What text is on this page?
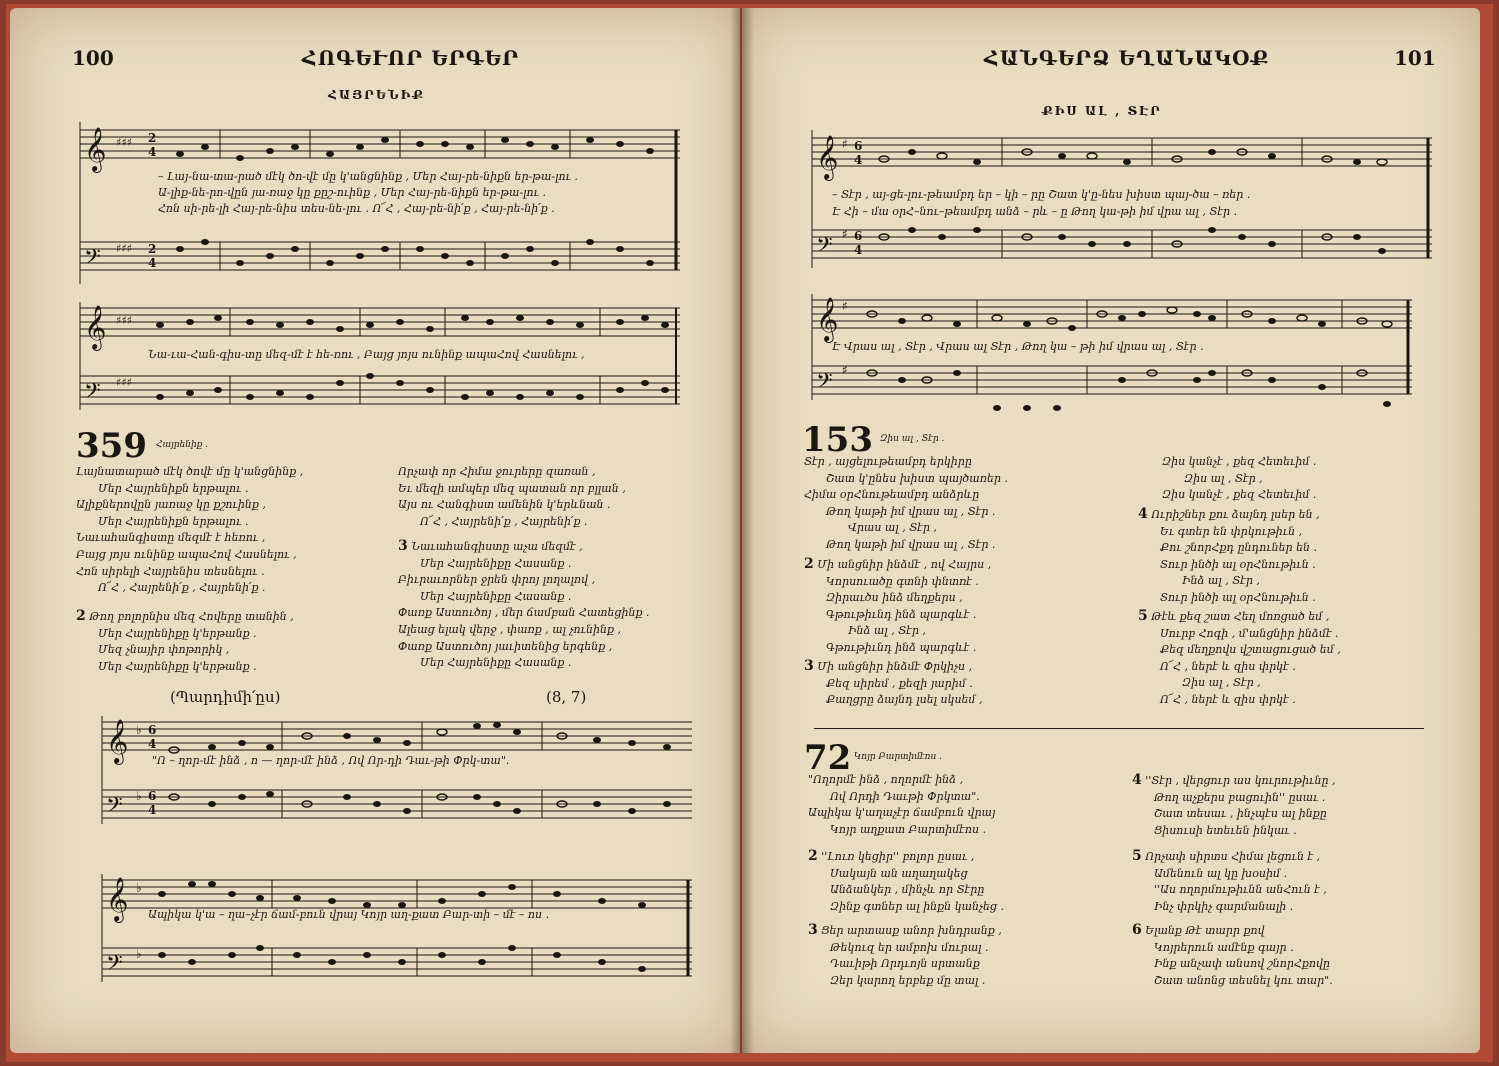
100	ՀՈԳԵՒՈՐ ԵՐԳԵՐ
ՀԱՅՐԵՆԻՔ
𝄞
𝄢
♯♯♯
♯♯♯
2
4
2
4
– Լայ-նա-տա-րած մէկ ծո-վէ մը կ'անցնինք , Մեր Հայ-րե-նիքն եր-թա-լու .
Ա-լիք-նե-րո-վըն յա-ռաջ կը քըշ-ուինք , Մեր Հայ-րե-նիքն եր-թա-լու .
Հոն սի-րե-լի Հայ-րե-նիս տես-նե-լու . Ո՜Հ , Հայ-րե-նի՛ք , Հայ-րե-նի՛ք .
𝄞
𝄢
♯♯♯
♯♯♯
Նա-ւա-Հան-գիս-տը մեզ-մէ է հե-ռու , Բայց յոյս ունինք ապաՀով Հասնելու ,
359 Հայրենիք .
Լայնատարած մէկ ծովէ մը կ'անցնինք ,
Մեր Հայրենիքն երթալու .
Ալիքներովըն յառաջ կը քշուինք ,
Մեր Հայրենիքն երթալու .
Նաւահանգիստը մեզմէ է հեռու ,
Բայց յոյս ունինք ապաՀով Հասնելու ,
Հոն սիրելի Հայրենիս տեսնելու .
Ո՜Հ , Հայրենի՛ք , Հայրենի՛ք .
2 Թող բոլորնիս մեզ Հովերը տանին ,
Մեր Հայրենիքը կ'երթանք .
Մեզ չնայիր փոթորիկ ,
Մեր Հայրենիքը կ'երթանք .
Որչափ որ Հիմա ջուրերը զառան ,
Եւ մեզի ամպեր մեզ պատան որ բլլան ,
Այս ու Հանգիստ ամենին կ'երևնան .
Ո՜Հ , Հայրենի՛ք , Հայրենի՛ք .
3 Նաւահանգիստը աչա մեզմէ ,
Մեր Հայրենիքը Հասանք .
Բիւրաւորներ ջրեն փրոյ լողալով ,
Մեր Հայրենիքը Հասանք .
Փառք Աստուծոյ , մեր ճամբան Հատեցինք .
Ալեաց ելակ վերջ , փառք , ալ չունինք ,
Փառք Աստուծոյ յաւիտենից երգենք ,
Մեր Հայրենիքը Հասանք .
(Պարդիմի՛ըս)	(8, 7)
𝄞
𝄢
♭
♭
6
4
6
4
"Ո – ղոր-մէ ինձ , ո — ղոր-մէ ինձ , Ով Որ-դի Դաւ-թի Փրկ-տա".
𝄞
𝄢
♭
♭
Ապիկա կ'ա – ղա–չէր ճամ-բուն վրայ Կոյր աղ-քատ Բար-տի – մէ – ոս .
ՀԱՆԳԵՐՁ ԵՂԱՆԱԿՕՔ	101
ՔԻՍ ԱԼ , ՏԷՐ
𝄞
𝄢
♯
♯
6
4
6
4
– Տէր , այ-ցե-լու-թեամբդ եր – կի – րը Շատ կ'ը-նես խիստ պայ-ծա – ռեր .
Է Հի – մա օրՀ–նու–թեամբդ անձ – րև – ը Թող կա-թի իմ վրա ալ , Տէր .
𝄞
𝄢
♯
♯
Է Վրաս ալ , Տէր , Վրաս ալ Տէր , Թող կա – թի իմ վրաս ալ , Տէր .
153 Զիս ալ , Տէր .
Տէր , այցելութեամբդ երկիրը
Շատ կ'ընես խիստ պայծառեր .
Հիմա օրՀնութեամբդ անձրևը
Թող կաթի իմ վրաս ալ , Տէր .
Վրաս ալ , Տէր ,
Թող կաթի իմ վրաս ալ , Տէր .
2 Մի անցնիր ինձմէ , ով Հայրս ,
Կորսուածը գտնի փնտռէ .
Զիրաւծս ինձ մեղքերս ,
Գթութիւնդ ինձ պարգևէ .
Ինձ ալ , Տէր ,
Գթութիւնդ ինձ պարգևէ .
3 Մի անցնիր ինձմէ Փրկիչս ,
Քեզ սիրեմ , քեզի յարիմ .
Քաղցրը ձայնդ լսել սկսեմ ,
Զիս կանչէ , քեզ Հետեւիմ .
Զիս ալ , Տէր ,
Զիս կանչէ , քեզ Հետեւիմ .
4 Ուրիշներ քու ձայնդ լսեր են ,
Եւ գտեր են փրկութիւն ,
Քու շնորՀքդ ընդուներ են .
Տուր ինծի ալ օրՀնութիւն .
Ինձ ալ , Տէր ,
Տուր ինծի ալ օրՀնութիւն .
5 Թէև քեզ շատ Հեղ մոռցած եմ ,
Սուրբ Հոգի , մ'անցնիր ինձմէ .
Քեզ մեղքովս վշտացուցած եմ ,
Ո՜Հ , ներէ և զիս փրկէ .
Զիս ալ , Տէր ,
Ո՜Հ , ներէ և զիս փրկէ .
72 Կոյր Բարտիմէոս .
"Ողորմէ ինձ , ողորմէ ինձ ,
Ով Որդի Դաւթի Փրկտա".
Ապիկա կ'աղաչէր ճամբուն վրայ
Կոյր աղքատ Բարտիմէոս .
2 ''Լուռ կեցիր'' բոլոր ըսաւ ,
Սակայն ան աղաղակեց
Անձանկեր , մինչև որ Տէրը
Զինք գտներ ալ ինքն կանչեց .
3 Ցեր արտասք անոր խնդրանք ,
Թեկուզ եր ամբոխ մուրալ .
Դաւիթի Որդւոյն սրտանք
Զեր կարող երբեք մը տալ .
4 ''Տէր , վերցուր աս կուրութիւնը ,
Թող աչքերս բացուին'' ըսաւ .
Շատ տեսաւ , ինչպէս ալ ինքը
Ցիսուսի ետեւեն ինկաւ .
5 Որչափ սիրտս Հիմա լեցուն է ,
Ամենուն ալ կը խօսիմ .
''Աս ողորմութիւնն անՀուն է ,
Ինչ փրկիչ գարմանալի .
6 Ելանք Թէ տարր քով
Կոյրերուն ամէնք գայր .
Ինք անչափ անսով շնորՀքովը
Շատ անոնց տեսնել կու տար".
